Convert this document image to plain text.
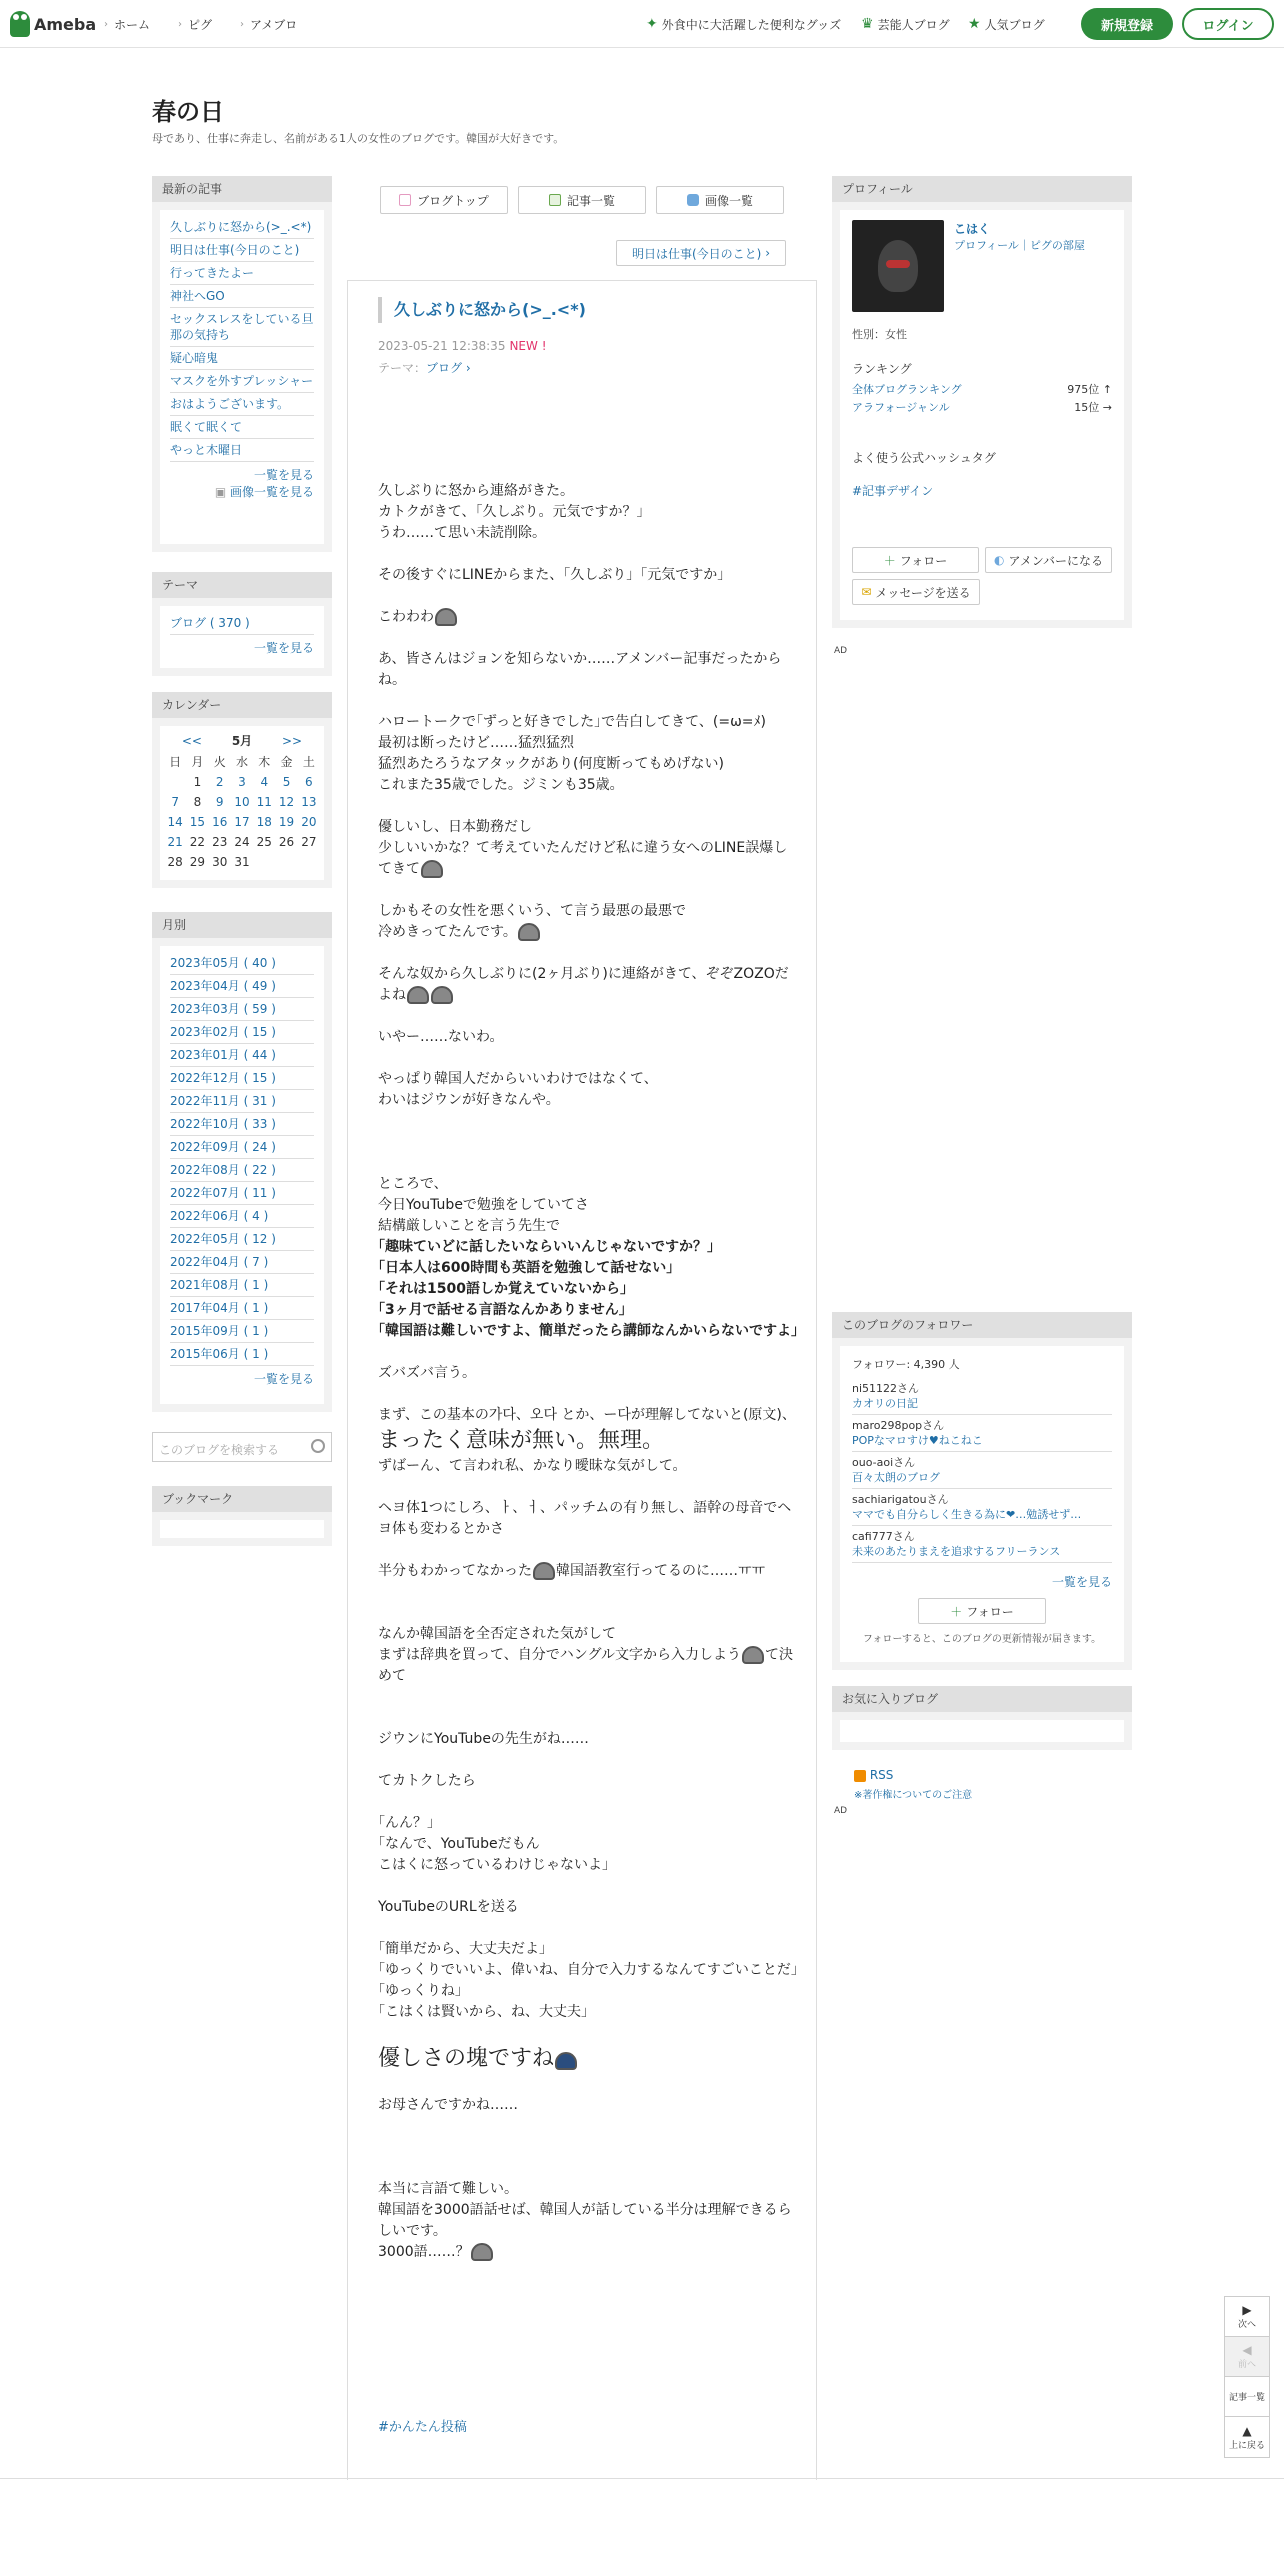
Ameba › ホーム	› ピグ	› アメブロ	✦ 外食中に大活躍した便利なグッズ ♛ 芸能人ブログ ★ 人気ブログ	新規登録	ログイン
春の日
母であり、仕事に奔走し、名前がある1人の女性のブログです。韓国が大好きです。
最新の記事
久しぶりに怒から(>_.<*)
明日は仕事(今日のこと)
行ってきたよー
神社へGO
セックスレスをしている旦那の気持ち
疑心暗鬼
マスクを外すプレッシャー
おはようございます。
眠くて眠くて
やっと木曜日
一覧を見る
▣ 画像一覧を見る
テーマ
ブログ ( 370 )
一覧を見る
カレンダー
<< 5月 >>
日	月	火	水	木	金	土
	1	2	3	4	5	6
7	8	9	10	11	12	13
14	15	16	17	18	19	20
21	22	23	24	25	26	27
28	29	30	31			
月別
2023年05月 ( 40 )
2023年04月 ( 49 )
2023年03月 ( 59 )
2023年02月 ( 15 )
2023年01月 ( 44 )
2022年12月 ( 15 )
2022年11月 ( 31 )
2022年10月 ( 33 )
2022年09月 ( 24 )
2022年08月 ( 22 )
2022年07月 ( 11 )
2022年06月 ( 4 )
2022年05月 ( 12 )
2022年04月 ( 7 )
2021年08月 ( 1 )
2017年04月 ( 1 )
2015年09月 ( 1 )
2015年06月 ( 1 )
一覧を見る
このブログを検索する
ブックマーク
ブログトップ	記事一覧	画像一覧
明日は仕事(今日のこと) ›
久しぶりに怒から(>_.<*)
2023-05-21 12:38:35 NEW !
テーマ：ブログ ›

久しぶりに怒から連絡がきた。
カトクがきて、「久しぶり。元気ですか？」
うわ……て思い未読削除。

その後すぐにLINEからまた、「久しぶり」「元気ですか」

こわわわ

あ、皆さんはジョンを知らないか……アメンバー記事だったからね。

ハロートークで｢ずっと好きでした｣で告白してきて、(=ω=ﾒ)
最初は断ったけど……猛烈猛烈
猛烈あたろうなアタックがあり(何度断ってもめげない)
これまた35歳でした。ジミンも35歳。

優しいし、日本勤務だし
少しいいかな？て考えていたんだけど私に違う女へのLINE誤爆してきて

しかもその女性を悪くいう、て言う最悪の最悪で
冷めきってたんです。

そんな奴から久しぶりに(2ヶ月ぶり)に連絡がきて、ぞぞZOZOだよね

いやー……ないわ。

やっぱり韓国人だからいいわけではなくて、
わいはジウンが好きなんや。

ところで、
今日YouTubeで勉強をしていてさ
結構厳しいことを言う先生で

｢趣味ていどに話したいならいいんじゃないですか？｣

｢日本人は600時間も英語を勉強して話せない｣
｢それは1500語しか覚えていないから｣
｢3ヶ月で話せる言語なんかありません｣
｢韓国語は難しいですよ、簡単だったら講師なんかいらないですよ｣

ズバズバ言う。

まず、この基本の가다、오다 とか、ー다が理解してないと(原文)、まったく意味が無い。無理。
ずばーん、て言われ私、かなり曖昧な気がして。

ヘヨ体1つにしろ、ㅏ、ㅓ、パッチムの有り無し、語幹の母音でヘヨ体も変わるとかさ

半分もわかってなかった 韓国語教室行ってるのに……ㅠㅠ

なんか韓国語を全否定された気がして
まずは辞典を買って、自分でハングル文字から入力しよう て決めて

ジウンにYouTubeの先生がね……

てカトクしたら

｢んん？｣
｢なんで、YouTubeだもん
こはくに怒っているわけじゃないよ｣

YouTubeのURLを送る

｢簡単だから、大丈夫だよ｣
｢ゆっくりでいいよ、偉いね、自分で入力するなんてすごいことだ｣
｢ゆっくりね｣
｢こはくは賢いから、ね、大丈夫｣

優しさの塊ですね

お母さんですかね……

本当に言語て難しい。
韓国語を3000語話せば、韓国人が話している半分は理解できるらしいです。

3000語……？

#かんたん投稿
プロフィール
こはく
プロフィール｜ピグの部屋
性別：女性
ランキング
全体ブログランキング	975位 ↑
アラフォージャンル	15位 →
よく使う公式ハッシュタグ
#記事デザイン
＋ フォロー	◐ アメンバーになる
✉ メッセージを送る
AD
このブログのフォロワー
フォロワー: 4,390 人
ni51122さん
カオリの日記
maro298popさん
POPなマロすけ♥ねこねこ
ouo-aoiさん
百々太朗のブログ
sachiarigatouさん
ママでも自分らしく生きる為に❤…勉誘せず…
cafi777さん
未来のあたりまえを追求するフリーランス
一覧を見る
＋ フォロー
フォローすると、このブログの更新情報が届きます。
お気に入りブログ
RSS
※著作権についてのご注意
AD
▶
次へ
◀
前へ
記事一覧
▲
上に戻る
